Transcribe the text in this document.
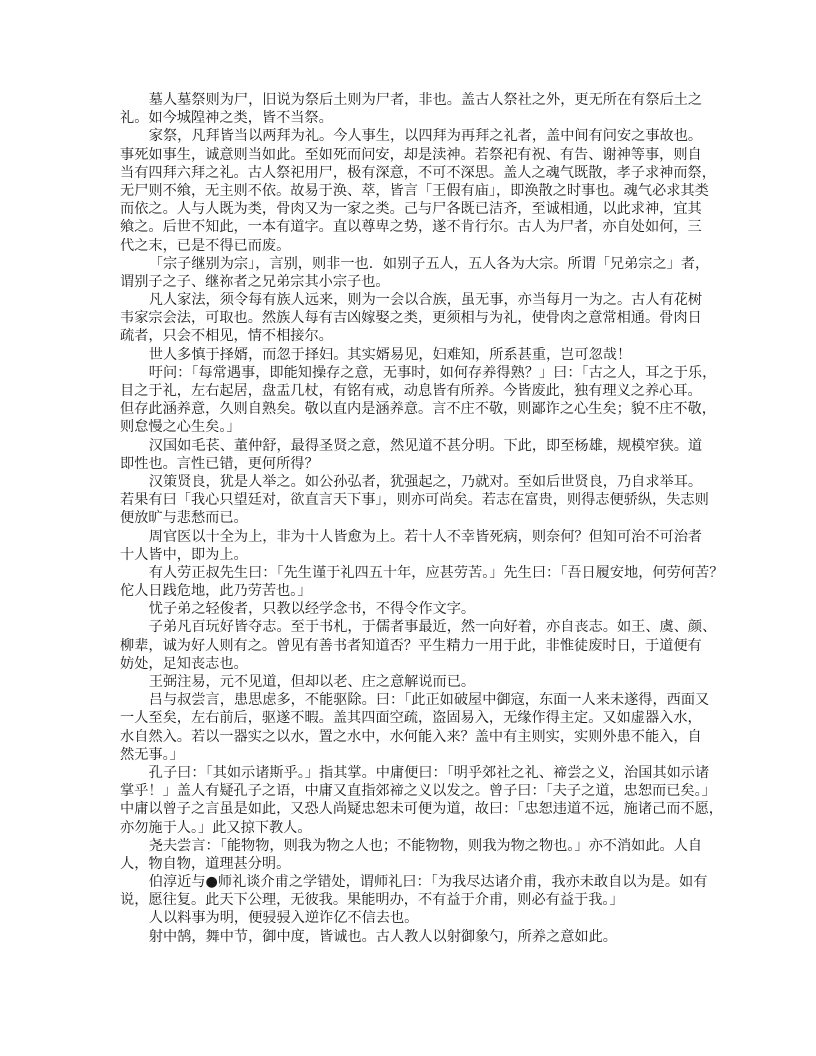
墓人墓祭则为尸，旧说为祭后土则为尸者，非也。盖古人祭社之外，更无所在有祭后土之
礼。如今城隍神之类，皆不当祭。
家祭，凡拜皆当以两拜为礼。今人事生，以四拜为再拜之礼者，盖中间有问安之事故也。
事死如事生，诚意则当如此。至如死而问安，却是渎神。若祭祀有祝、有告、谢神等事，则自
当有四拜六拜之礼。古人祭祀用尸，极有深意，不可不深思。盖人之魂气既散，孝子求神而祭，
无尸则不飨，无主则不依。故易于涣、萃，皆言「王假有庙」，即涣散之时事也。魂气必求其类
而依之。人与人既为类，骨肉又为一家之类。己与尸各既已洁齐，至诚相通，以此求神，宜其
飨之。后世不知此，一本有道字。直以尊卑之势，遂不肯行尔。古人为尸者，亦自处如何，三
代之末，已是不得已而废。
「宗子继别为宗」，言别，则非一也．如别子五人，五人各为大宗。所谓「兄弟宗之」者，
谓别子之子、继祢者之兄弟宗其小宗子也。
凡人家法，须令每有族人远来，则为一会以合族，虽无事，亦当每月一为之。古人有花树
韦家宗会法，可取也。然族人每有吉凶嫁娶之类，更须相与为礼，使骨肉之意常相通。骨肉日
疏者，只会不相见，情不相接尔。
世人多慎于择婿，而忽于择妇。其实婿易见，妇难知，所系甚重，岂可忽哉！
吁问：「每常遇事，即能知操存之意，无事时，如何存养得熟？」曰：「古之人，耳之于乐，
目之于礼，左右起居，盘盂几杖，有铭有戒，动息皆有所养。今皆废此，独有理义之养心耳。
但存此涵养意，久则自熟矣。敬以直内是涵养意。言不庄不敬，则鄙诈之心生矣；貌不庄不敬，
则怠慢之心生矣。」
汉国如毛苌、董仲舒，最得圣贤之意，然见道不甚分明。下此，即至杨雄，规模窄狭。道
即性也。言性已错，更何所得？
汉策贤良，犹是人举之。如公孙弘者，犹强起之，乃就对。至如后世贤良，乃自求举耳。
若果有曰「我心只望廷对，欲直言天下事」，则亦可尚矣。若志在富贵，则得志便骄纵，失志则
便放旷与悲愁而已。
周官医以十全为上，非为十人皆愈为上。若十人不幸皆死病，则奈何？但知可治不可治者
十人皆中，即为上。
有人劳正叔先生曰：「先生谨于礼四五十年，应甚劳苦。」先生曰：「吾日履安地，何劳何苦？
佗人日践危地，此乃劳苦也。」
忧子弟之轻俊者，只教以经学念书，不得令作文字。
子弟凡百玩好皆夺志。至于书札，于儒者事最近，然一向好着，亦自丧志。如王、虞、颜、
柳辈，诚为好人则有之。曾见有善书者知道否？平生精力一用于此，非惟徒废时日，于道便有
妨处，足知丧志也。
王弼注易，元不见道，但却以老、庄之意解说而已。
吕与叔尝言，患思虑多，不能驱除。曰：「此正如破屋中御寇，东面一人来未遂得，西面又
一人至矣，左右前后，驱遂不暇。盖其四面空疏，盗固易入，无缘作得主定。又如虚器入水，
水自然入。若以一器实之以水，置之水中，水何能入来？盖中有主则实，实则外患不能入，自
然无事。」
孔子曰：「其如示诸斯乎。」指其掌。中庸便曰：「明乎郊社之礼、禘尝之义，治国其如示诸
掌乎！」盖人有疑孔子之语，中庸又直指郊禘之义以发之。曾子曰：「夫子之道，忠恕而已矣。」
中庸以曾子之言虽是如此，又恐人尚疑忠恕未可便为道，故曰：「忠恕违道不远，施诸己而不愿，
亦勿施于人。」此又掠下教人。
尧夫尝言：「能物物，则我为物之人也；不能物物，则我为物之物也。」亦不消如此。人自
人，物自物，道理甚分明。
伯淳近与●师礼谈介甫之学错处，谓师礼曰：「为我尽达诸介甫，我亦未敢自以为是。如有
说，愿往复。此天下公理，无彼我。果能明办，不有益于介甫，则必有益于我。」
人以料事为明，便骎骎入逆诈亿不信去也。
射中鹄，舞中节，御中度，皆诚也。古人教人以射御象勺，所养之意如此。
